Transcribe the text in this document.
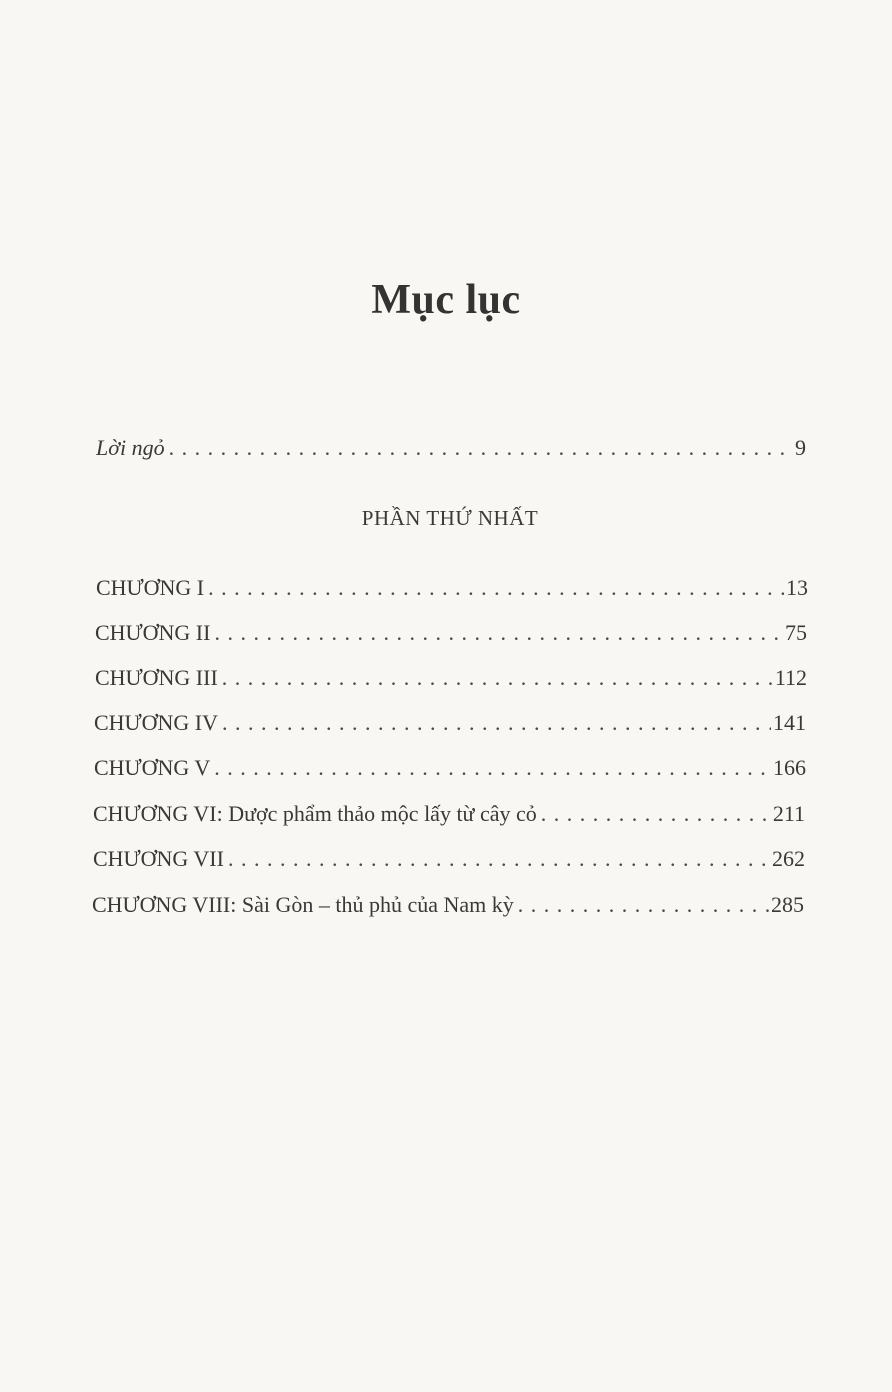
Mục lục
Lời ngỏ . . .	9
PHẦN THỨ NHẤT
CHƯƠNG I . . .	13
CHƯƠNG II . . .	75
CHƯƠNG III . . .	112
CHƯƠNG IV . . .	141
CHƯƠNG V . . .	166
CHƯƠNG VI: Dược phẩm thảo mộc lấy từ cây cỏ . . .	211
CHƯƠNG VII . . .	262
CHƯƠNG VIII: Sài Gòn – thủ phủ của Nam kỳ . . .	285
